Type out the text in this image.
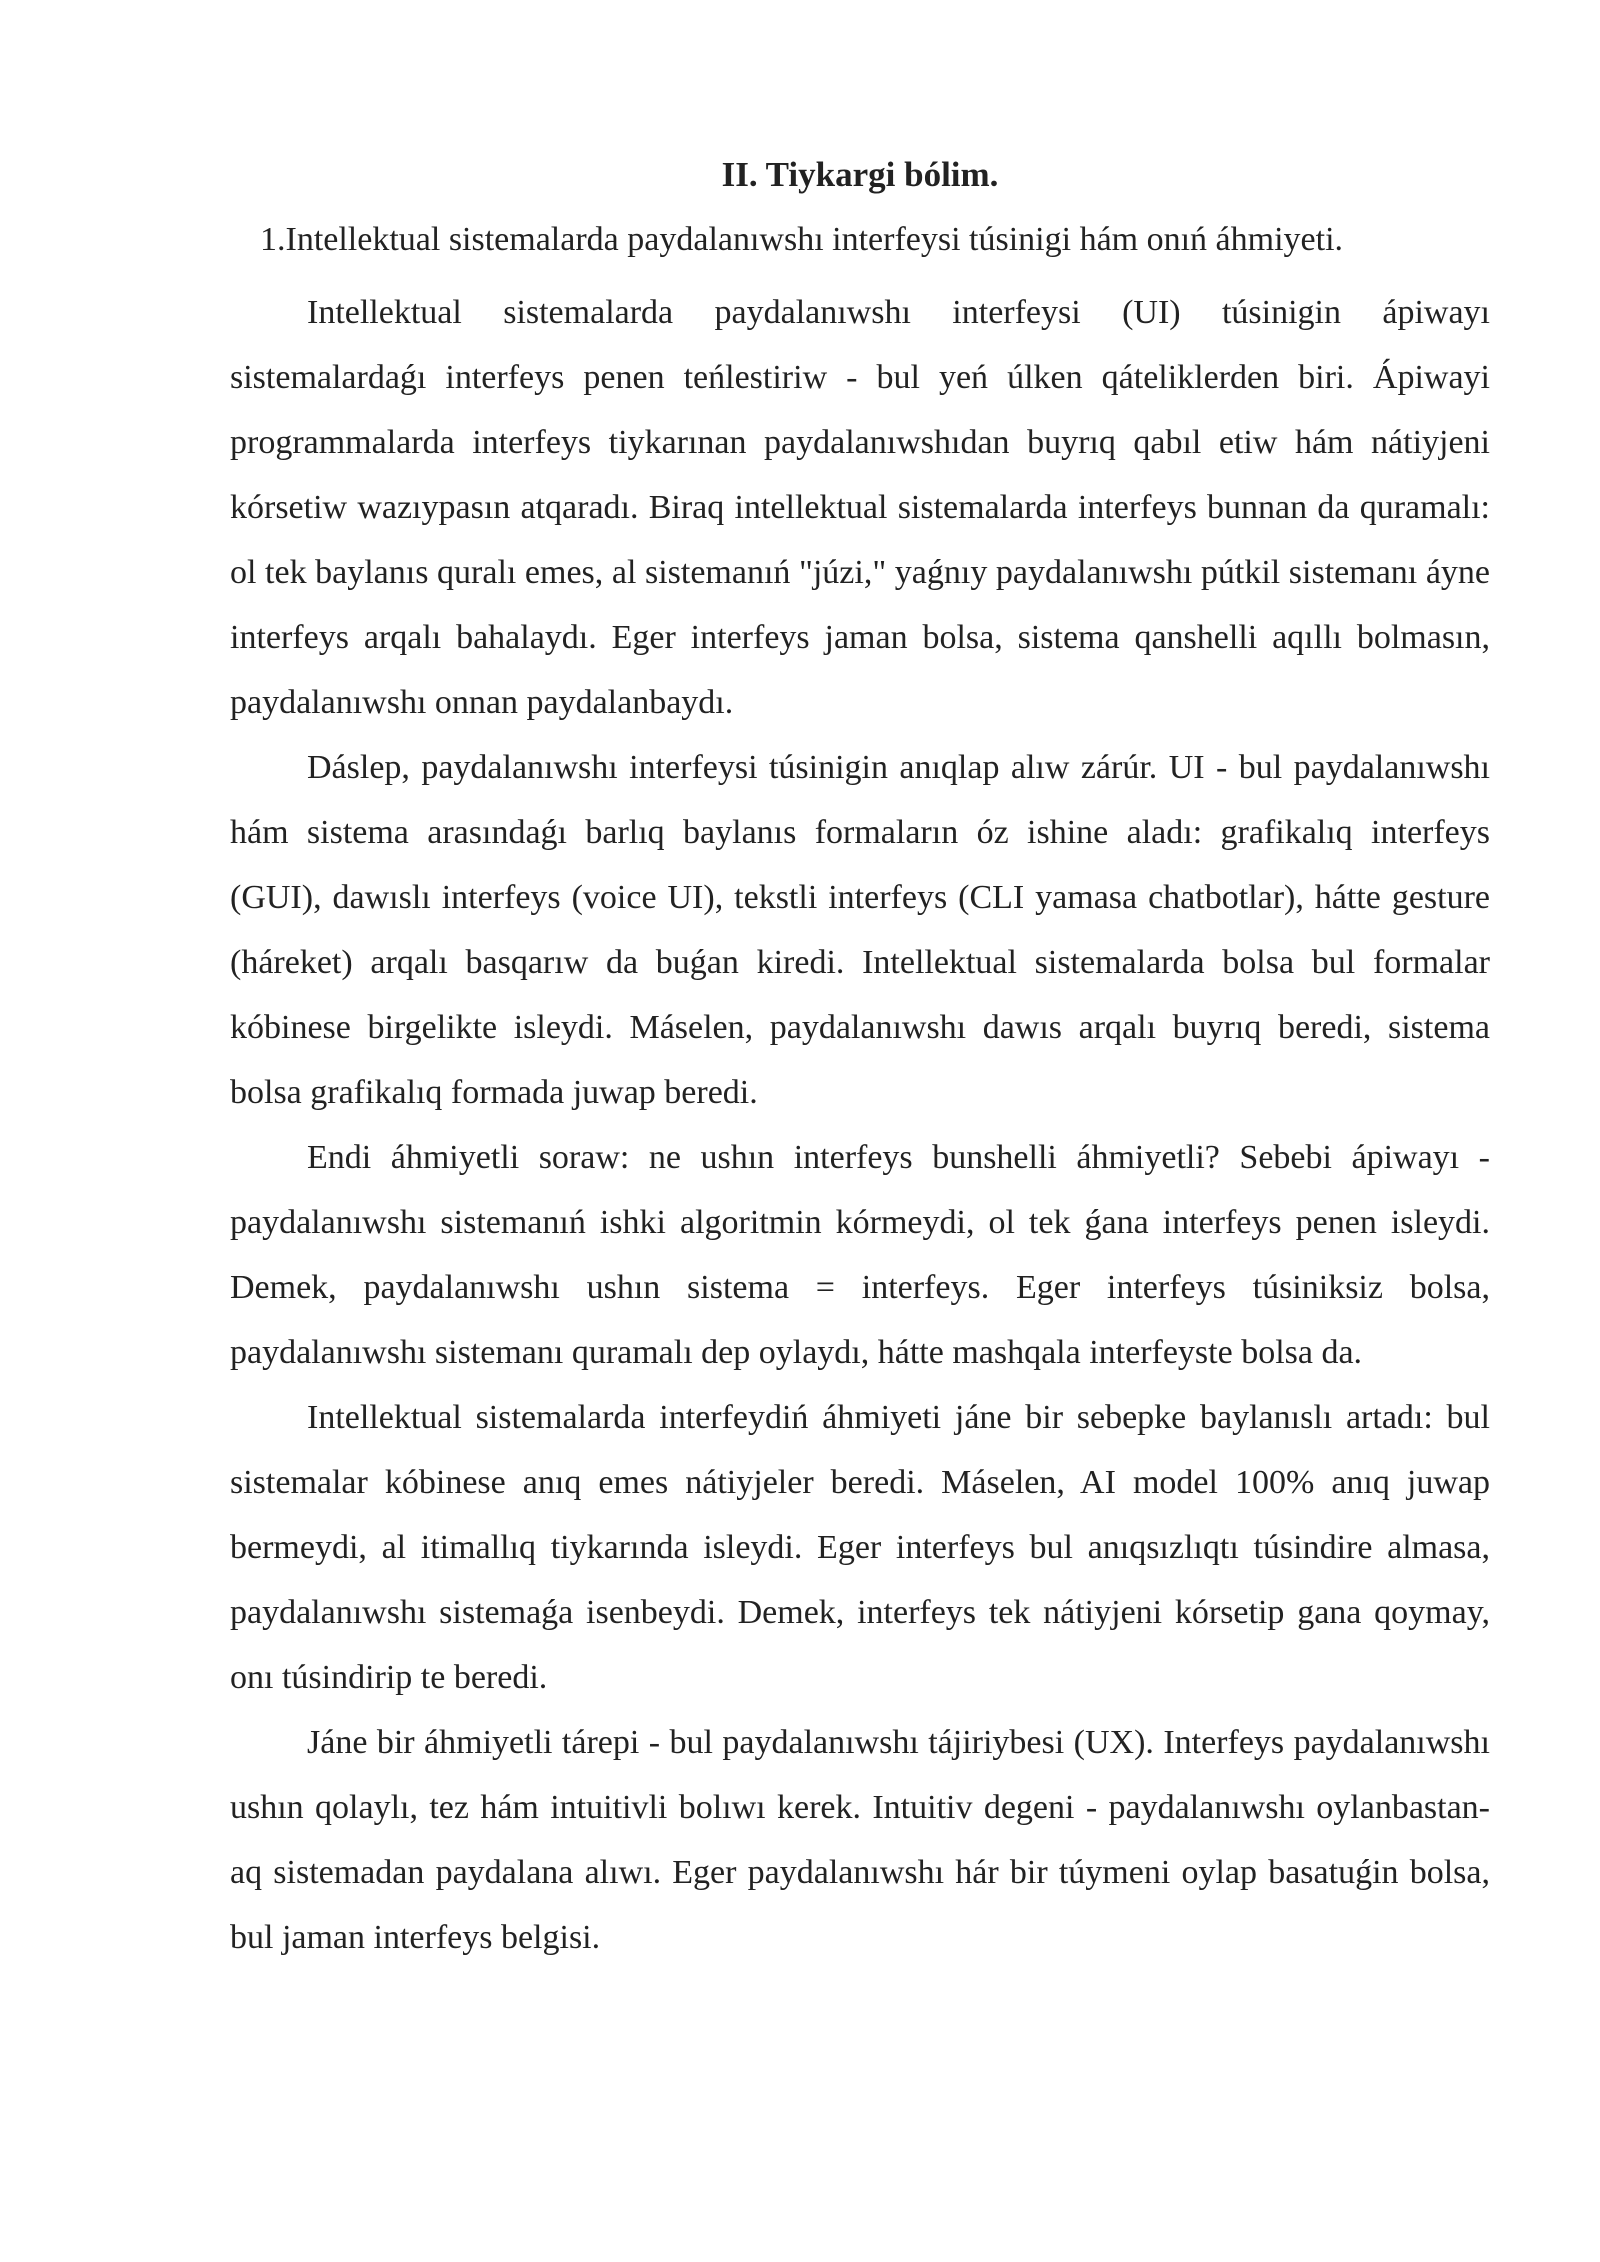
II. Tiykargi bólim.
1.Intellektual sistemalarda paydalanıwshı interfeysi túsinigi hám onıń áhmiyeti.

Intellektual sistemalarda paydalanıwshı interfeysi (UI) túsinigin ápiwayı sistemalardaǵı interfeys penen teńlestiriw - bul yeń úlken qáteliklerden biri. Ápiwayi programmalarda interfeys tiykarınan paydalanıwshıdan buyrıq qabıl etiw hám nátiyjeni kórsetiw wazıypasın atqaradı. Biraq intellektual sistemalarda interfeys bunnan da quramalı: ol tek baylanıs quralı emes, al sistemanıń "júzi," yaǵnıy paydalanıwshı pútkil sistemanı áyne interfeys arqalı bahalaydı. Eger interfeys jaman bolsa, sistema qanshelli aqıllı bolmasın, paydalanıwshı onnan paydalanbaydı.

Dáslep, paydalanıwshı interfeysi túsinigin anıqlap alıw zárúr. UI - bul paydalanıwshı hám sistema arasındaǵı barlıq baylanıs formaların óz ishine aladı: grafikalıq interfeys (GUI), dawıslı interfeys (voice UI), tekstli interfeys (CLI yamasa chatbotlar), hátte gesture (háreket) arqalı basqarıw da buǵan kiredi. Intellektual sistemalarda bolsa bul formalar kóbinese birgelikte isleydi. Máselen, paydalanıwshı dawıs arqalı buyrıq beredi, sistema bolsa grafikalıq formada juwap beredi.

Endi áhmiyetli soraw: ne ushın interfeys bunshelli áhmiyetli? Sebebi ápiwayı - paydalanıwshı sistemanıń ishki algoritmin kórmeydi, ol tek ǵana interfeys penen isleydi. Demek, paydalanıwshı ushın sistema = interfeys. Eger interfeys túsiniksiz bolsa, paydalanıwshı sistemanı quramalı dep oylaydı, hátte mashqala interfeyste bolsa da.

Intellektual sistemalarda interfeydiń áhmiyeti jáne bir sebepke baylanıslı artadı: bul sistemalar kóbinese anıq emes nátiyjeler beredi. Máselen, AI model 100% anıq juwap bermeydi, al itimallıq tiykarında isleydi. Eger interfeys bul anıqsızlıqtı túsindire almasa, paydalanıwshı sistemaǵa isenbeydi. Demek, interfeys tek nátiyjeni kórsetip gana qoymay, onı túsindirip te beredi.

Jáne bir áhmiyetli tárepi - bul paydalanıwshı tájiriybesi (UX). Interfeys paydalanıwshı ushın qolaylı, tez hám intuitivli bolıwı kerek. Intuitiv degeni - paydalanıwshı oylanbastan-aq sistemadan paydalana alıwı. Eger paydalanıwshı hár bir túymeni oylap basatuǵin bolsa, bul jaman interfeys belgisi.
